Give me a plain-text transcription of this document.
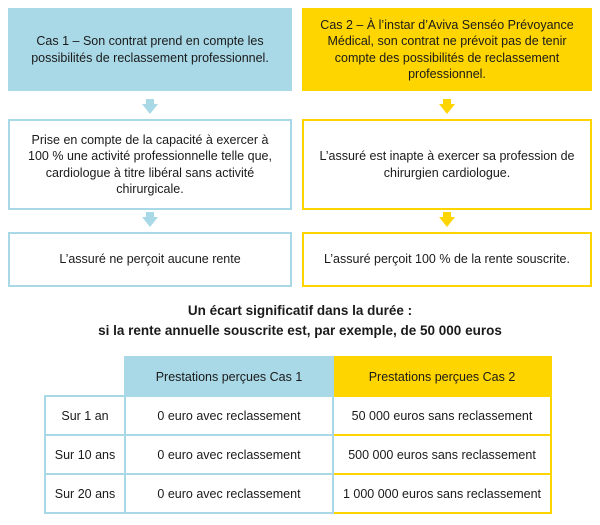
Cas 1 – Son contrat prend en compte les possibilités de reclassement professionnel.
Prise en compte de la capacité à exercer à 100 % une activité professionnelle telle que, cardiologue à titre libéral sans activité chirurgicale.
L’assuré ne perçoit aucune rente
Cas 2 – À l’instar d’Aviva Senséo Prévoyance Médical, son contrat ne prévoit pas de tenir compte des possibilités de reclassement professionnel.
L’assuré est inapte à exercer sa profession de chirurgien cardiologue.
L’assuré perçoit 100 % de la rente souscrite.
Un écart significatif dans la durée :
si la rente annuelle souscrite est, par exemple, de 50 000 euros
	Prestations perçues Cas 1	Prestations perçues Cas 2
Sur 1 an	0 euro avec reclassement	50 000 euros sans reclassement
Sur 10 ans	0 euro avec reclassement	500 000 euros sans reclassement
Sur 20 ans	0 euro avec reclassement	1 000 000 euros sans reclassement
